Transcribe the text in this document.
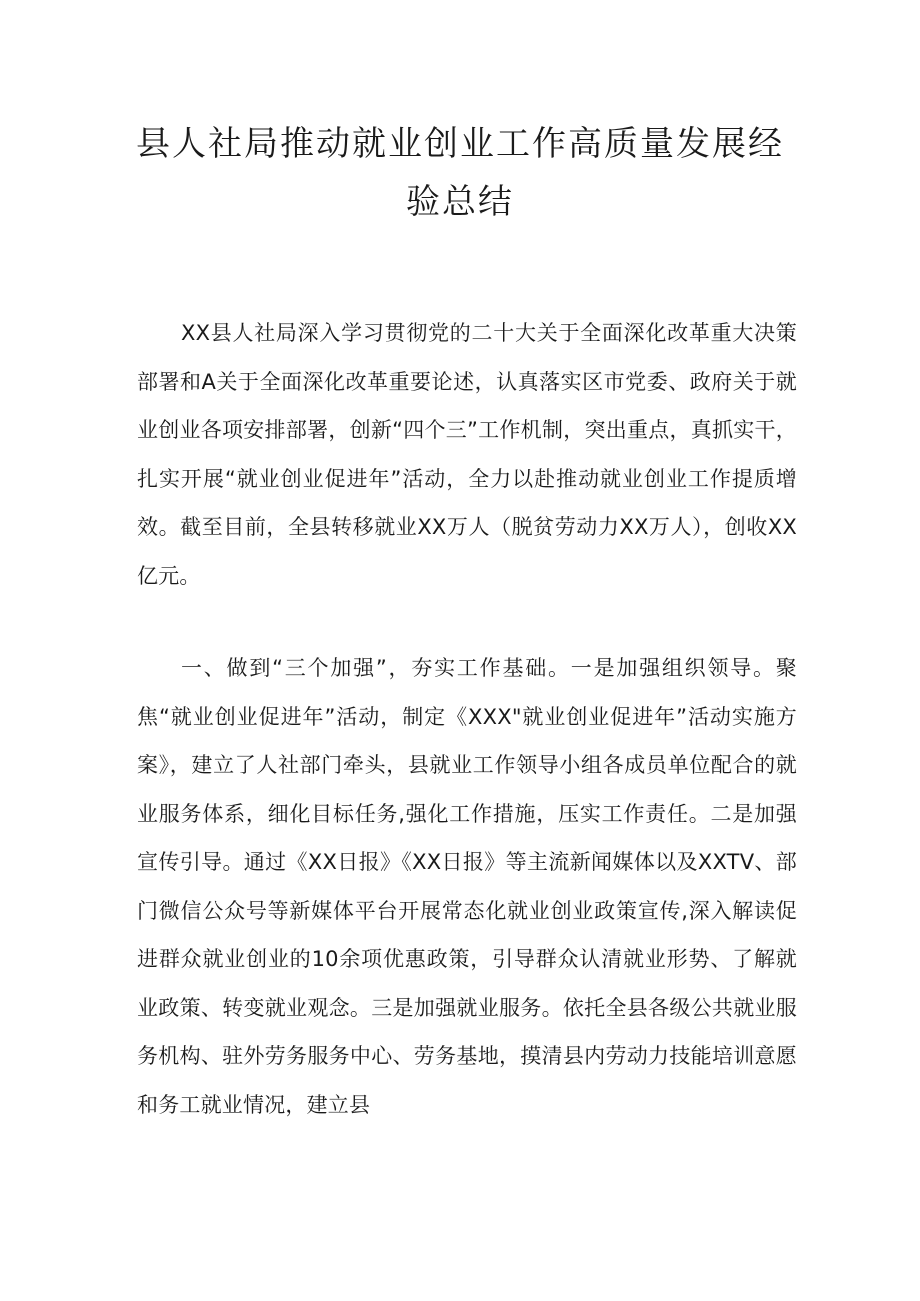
县人社局推动就业创业工作高质量发展经
验总结

XX县人社局深入学习贯彻党的二十大关于全面深化改革重大决策部署和A关于全面深化改革重要论述，认真落实区市党委、政府关于就业创业各项安排部署，创新“四个三”工作机制，突出重点，真抓实干，扎实开展“就业创业促进年”活动，全力以赴推动就业创业工作提质增效。截至目前，全县转移就业XX万人（脱贫劳动力XX万人），创收XX亿元。

一、做到“三个加强”，夯实工作基础。一是加强组织领导。聚焦“就业创业促进年”活动，制定《XXX"就业创业促进年”活动实施方案》，建立了人社部门牵头，县就业工作领导小组各成员单位配合的就业服务体系，细化目标任务,强化工作措施，压实工作责任。二是加强宣传引导。通过《XX日报》《XX日报》等主流新闻媒体以及XXTV、部门微信公众号等新媒体平台开展常态化就业创业政策宣传,深入解读促进群众就业创业的10余项优惠政策，引导群众认清就业形势、了解就业政策、转变就业观念。三是加强就业服务。依托全县各级公共就业服务机构、驻外劳务服务中心、劳务基地，摸清县内劳动力技能培训意愿和务工就业情况，建立县
